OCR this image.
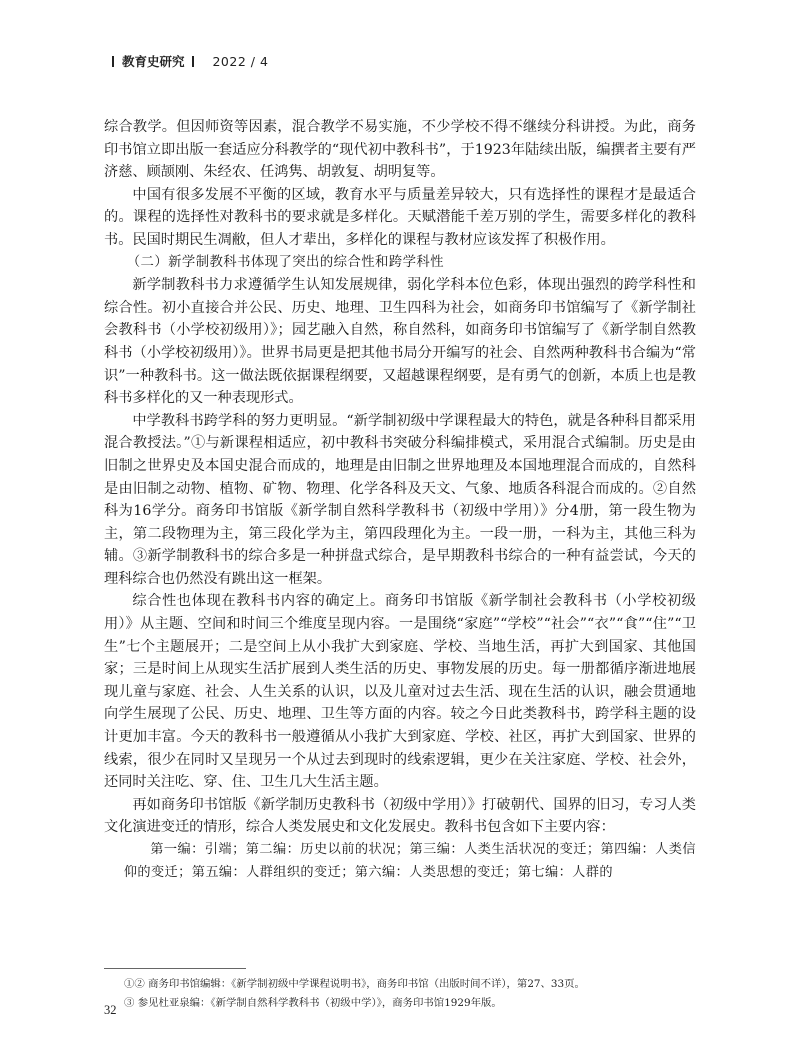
教育史研究 2022 / 4

综合教学。但因师资等因素，混合教学不易实施，不少学校不得不继续分科讲授。为此，商务印书馆立即出版一套适应分科教学的“现代初中教科书”，于1923年陆续出版，编撰者主要有严济慈、顾颉刚、朱经农、任鸿隽、胡敦复、胡明复等。

中国有很多发展不平衡的区域，教育水平与质量差异较大，只有选择性的课程才是最适合的。课程的选择性对教科书的要求就是多样化。天赋潜能千差万别的学生，需要多样化的教科书。民国时期民生凋敝，但人才辈出，多样化的课程与教材应该发挥了积极作用。

（二）新学制教科书体现了突出的综合性和跨学科性

新学制教科书力求遵循学生认知发展规律，弱化学科本位色彩，体现出强烈的跨学科性和综合性。初小直接合并公民、历史、地理、卫生四科为社会，如商务印书馆编写了《新学制社会教科书（小学校初级用）》；园艺融入自然，称自然科，如商务印书馆编写了《新学制自然教科书（小学校初级用）》。世界书局更是把其他书局分开编写的社会、自然两种教科书合编为“常识”一种教科书。这一做法既依据课程纲要，又超越课程纲要，是有勇气的创新，本质上也是教科书多样化的又一种表现形式。

中学教科书跨学科的努力更明显。“新学制初级中学课程最大的特色，就是各种科目都采用混合教授法。”①与新课程相适应，初中教科书突破分科编排模式，采用混合式编制。历史是由旧制之世界史及本国史混合而成的，地理是由旧制之世界地理及本国地理混合而成的，自然科是由旧制之动物、植物、矿物、物理、化学各科及天文、气象、地质各科混合而成的。②自然科为16学分。商务印书馆版《新学制自然科学教科书（初级中学用）》分4册，第一段生物为主，第二段物理为主，第三段化学为主，第四段理化为主。一段一册，一科为主，其他三科为辅。③新学制教科书的综合多是一种拼盘式综合，是早期教科书综合的一种有益尝试，今天的理科综合也仍然没有跳出这一框架。

综合性也体现在教科书内容的确定上。商务印书馆版《新学制社会教科书（小学校初级用）》从主题、空间和时间三个维度呈现内容。一是围绕“家庭”“学校”“社会”“衣”“食”“住”“卫生”七个主题展开；二是空间上从小我扩大到家庭、学校、当地生活，再扩大到国家、其他国家；三是时间上从现实生活扩展到人类生活的历史、事物发展的历史。每一册都循序渐进地展现儿童与家庭、社会、人生关系的认识，以及儿童对过去生活、现在生活的认识，融会贯通地向学生展现了公民、历史、地理、卫生等方面的内容。较之今日此类教科书，跨学科主题的设计更加丰富。今天的教科书一般遵循从小我扩大到家庭、学校、社区，再扩大到国家、世界的线索，很少在同时又呈现另一个从过去到现时的线索逻辑，更少在关注家庭、学校、社会外，还同时关注吃、穿、住、卫生几大生活主题。

再如商务印书馆版《新学制历史教科书（初级中学用）》打破朝代、国界的旧习，专习人类文化演进变迁的情形，综合人类发展史和文化发展史。教科书包含如下主要内容：

第一编：引端；第二编：历史以前的状况；第三编：人类生活状况的变迁；第四编：人类信仰的变迁；第五编：人群组织的变迁；第六编：人类思想的变迁；第七编：人群的

①② 商务印书馆编辑：《新学制初级中学课程说明书》，商务印书馆（出版时间不详），第27、33页。
③ 参见杜亚泉编：《新学制自然科学教科书（初级中学）》，商务印书馆1929年版。
32
